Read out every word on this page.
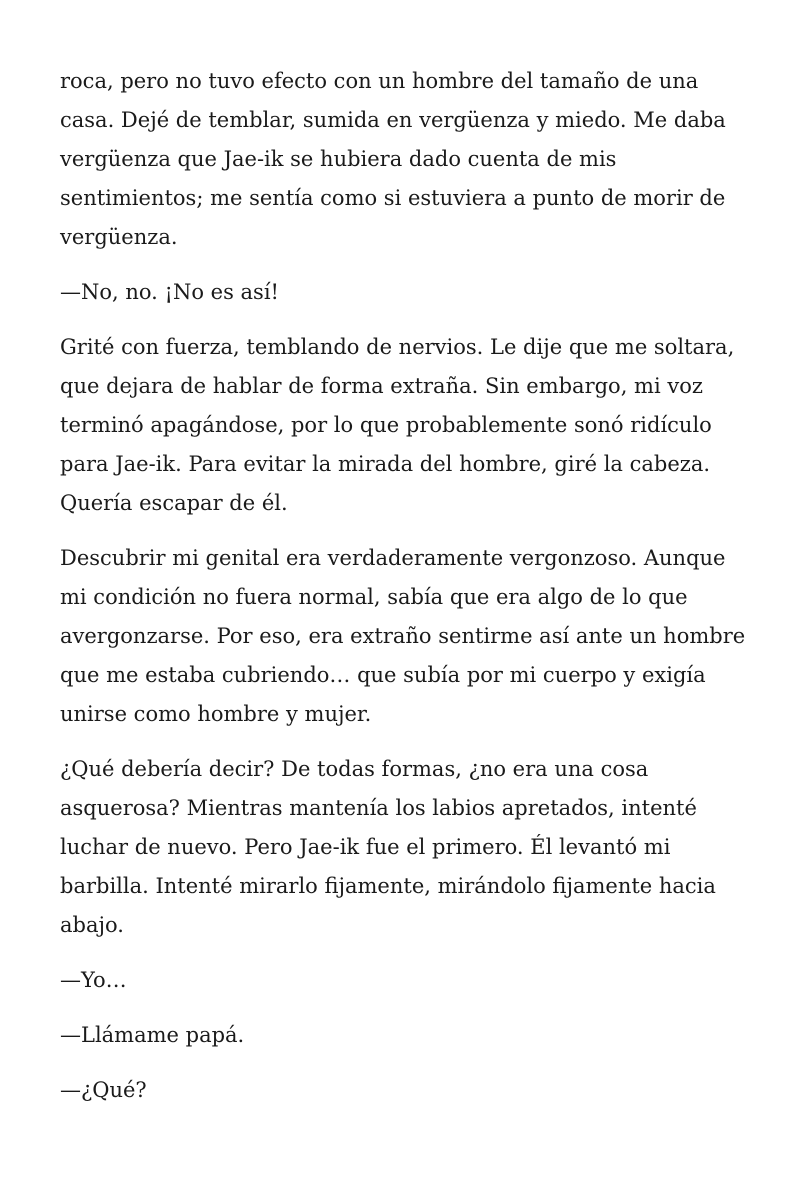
roca, pero no tuvo efecto con un hombre del tamaño de una casa. Dejé de temblar, sumida en vergüenza y miedo. Me daba vergüenza que Jae-ik se hubiera dado cuenta de mis sentimientos; me sentía como si estuviera a punto de morir de vergüenza.

—No, no. ¡No es así!

Grité con fuerza, temblando de nervios. Le dije que me soltara, que dejara de hablar de forma extraña. Sin embargo, mi voz terminó apagándose, por lo que probablemente sonó ridículo para Jae-ik. Para evitar la mirada del hombre, giré la cabeza. Quería escapar de él.

Descubrir mi genital era verdaderamente vergonzoso. Aunque mi condición no fuera normal, sabía que era algo de lo que avergonzarse. Por eso, era extraño sentirme así ante un hombre que me estaba cubriendo… que subía por mi cuerpo y exigía unirse como hombre y mujer.

¿Qué debería decir? De todas formas, ¿no era una cosa asquerosa? Mientras mantenía los labios apretados, intenté luchar de nuevo. Pero Jae-ik fue el primero. Él levantó mi barbilla. Intenté mirarlo fijamente, mirándolo fijamente hacia abajo.

—Yo…

—Llámame papá.

—¿Qué?
